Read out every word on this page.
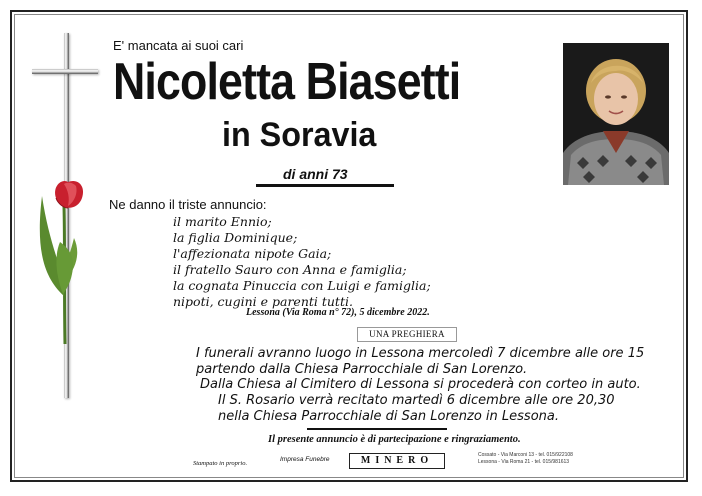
E' mancata ai suoi cari
Nicoletta Biasetti
in Soravia
di anni 73
Ne danno il triste annuncio:
il marito Ennio;
la figlia Dominique;
l'affezionata nipote Gaia;
il fratello Sauro con Anna e famiglia;
la cognata Pinuccia con Luigi e famiglia;
nipoti, cugini e parenti tutti.
Lessona (Via Roma n° 72), 5 dicembre 2022.
UNA PREGHIERA
I funerali avranno luogo in Lessona mercoledì 7 dicembre alle ore 15
partendo dalla Chiesa Parrocchiale di San Lorenzo.
Dalla Chiesa al Cimitero di Lessona si procederà con corteo in auto.
Il S. Rosario verrà recitato martedì 6 dicembre alle ore 20,30
nella Chiesa Parrocchiale di San Lorenzo in Lessona.
Il presente annuncio è di partecipazione e ringraziamento.
Stampato in proprio.
Impresa Funebre	MINERO	Cossato - Via Marconi 13 - tel. 015/922108
Lessona - Via Roma 21 - tel. 015/981613
